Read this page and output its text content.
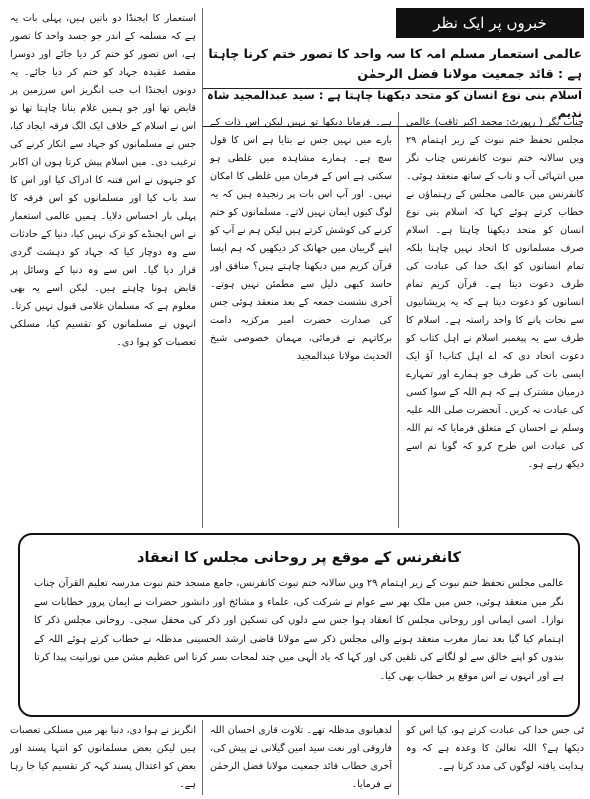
خبروں پر ایک نظر
عالمی استعمار مسلم امہ کا سہ واحد کا تصور ختم کرنا چاہتا ہے : قائد جمعیت مولانا فضل الرحمٰن
اسلام بنی نوع انسان کو متحد دیکھنا چاہتا ہے : سید عبدالمجید شاہ ندیم

چناب نگر ( رپورٹ: محمد اکبر ثاقب) عالمی مجلس تحفظ ختم نبوت کے زیر اہتمام ۲۹ ویں سالانہ ختم نبوت کانفرنس چناب نگر میں انتہائی آب و تاب کے ساتھ منعقد ہوئی۔ کانفرنس میں عالمی مجلس کے رہنماؤں نے خطاب کرتے ہوئے کہا کہ اسلام بنی نوع انسان کو متحد دیکھنا چاہتا ہے۔ اسلام صرف مسلمانوں کا اتحاد نہیں چاہتا بلکہ تمام انسانوں کو ایک خدا کی عبادت کی طرف دعوت دیتا ہے۔ قرآن کریم تمام انسانوں کو دعوت دیتا ہے کہ یہ پریشانیوں سے نجات پانے کا واحد راستہ ہے۔ اسلام کا طرف سے یہ پیغمبر اسلام نے اہل کتاب کو دعوت اتحاد دی کہ اے اہل کتاب! آؤ ایک ایسی بات کی طرف جو ہمارے اور تمہارے درمیان مشترک ہے کہ ہم اللہ کے سوا کسی کی عبادت نہ کریں۔ آنحضرت صلی اللہ علیہ وسلم نے احسان کے متعلق فرمایا کہ تم اللہ کی عبادت اس طرح کرو کہ گویا تم اسے دیکھ رہے ہو۔

ہے۔ فرمایا دیکھا تو نہیں لیکن اس ذات کے بارے میں نہیں جس نے بتایا ہے اس کا قول سچ ہے۔ ہمارے مشاہدہ میں غلطی ہو سکتی ہے اس کے فرمان میں غلطی کا امکان نہیں۔ اور آپ اس بات پر رنجیدہ ہیں کہ یہ لوگ کیوں ایمان نہیں لاتے۔ مسلمانوں کو ختم کرنے کی کوشش کرتے ہیں لیکن ہم نے آپ کو اپنے گریبان میں جھانک کر دیکھیں کہ ہم ایسا قرآن کریم میں دیکھنا چاہتے ہیں؟ منافق اور حاسد کبھی دلیل سے مطمئن نہیں ہوتے۔ آخری نشست جمعہ کے بعد منعقد ہوئی جس کی صدارت حضرت امیر مرکزیہ دامت برکاتہم نے فرمائی، مہمان خصوصی شیخ الحدیث مولانا عبدالمجید

استعمار کا ایجنڈا دو باتیں ہیں، پہلی بات یہ ہے کہ مسلمہ کے اندر جو جسد واحد کا تصور ہے، اس تصور کو ختم کر دیا جائے اور دوسرا مقصد عقیدہ جہاد کو ختم کر دیا جائے۔ یہ دونوں ایجنڈا اب جب انگریز اس سرزمین پر قابض تھا اور جو ہمیں غلام بنانا چاہتا تھا تو اس نے اسلام کے خلاف ایک الگ فرقہ ایجاد کیا، جس نے مسلمانوں کو جہاد سے انکار کرنے کی ترغیب دی۔ میں اسلام پیش کرتا ہوں ان اکابر کو جنہوں نے اس فتنہ کا ادراک کیا اور اس کا سد باب کیا اور مسلمانوں کو اس فرقہ کا پہلی بار احساس دلایا۔ ہمیں عالمی استعمار نے اس ایجنڈے کو ترک نہیں کیا، دنیا کے حادثات سے وہ دوچار کیا کہ جہاد کو دہشت گردی قرار دیا گیا۔ اس سے وہ دنیا کے وسائل پر قابض ہونا چاہتے ہیں۔ لیکن اسے یہ بھی معلوم ہے کہ مسلمان غلامی قبول نہیں کرتا۔ انہوں نے مسلمانوں کو تقسیم کیا، مسلکی تعصبات کو ہوا دی۔

کانفرنس کے موقع پر روحانی مجلس کا انعقاد
عالمی مجلس تحفظ ختم نبوت کے زیر اہتمام ۲۹ ویں سالانہ ختم نبوت کانفرنس، جامع مسجد ختم نبوت مدرسہ تعلیم القرآن چناب نگر میں منعقد ہوئی، جس میں ملک بھر سے عوام نے شرکت کی، علماء و مشائخ اور دانشور حضرات نے ایمان پرور خطابات سے نوازا۔ اسی ایمانی اور روحانی مجلس کا انعقاد ہوا جس سے دلوں کی تسکین اور ذکر کی محفل سجی۔ روحانی مجلس ذکر کا اہتمام کیا گیا بعد نماز مغرب منعقد ہونے والی مجلس ذکر سے مولانا قاضی ارشد الحسینی مدظلہ نے خطاب کرتے ہوئے اللہ کے بندوں کو اپنے خالق سے لو لگانے کی تلقین کی اور کہا کہ یاد الٰہی میں چند لمحات بسر کرنا اس عظیم مشن میں نورانیت پیدا کرتا ہے اور انہوں نے اس موقع پر خطاب بھی کیا۔

ٹی جس خدا کی عبادت کرتے ہو، کیا اس کو دیکھا ہے؟ اللہ تعالیٰ کا وعدہ ہے کہ وہ ہدایت یافتہ لوگوں کی مدد کرتا ہے۔

لدھیانوی مدظلہ تھے۔ تلاوت قاری احسان اللہ فاروقی اور نعت سید امین گیلانی نے پیش کی، آخری خطاب قائد جمعیت مولانا فضل الرحمٰن نے فرمایا۔

انگریز نے ہوا دی، دنیا بھر میں مسلکی تعصبات ہیں لیکن بعض مسلمانوں کو انتہا پسند اور بعض کو اعتدال پسند کہہ کر تقسیم کیا جا رہا ہے۔
